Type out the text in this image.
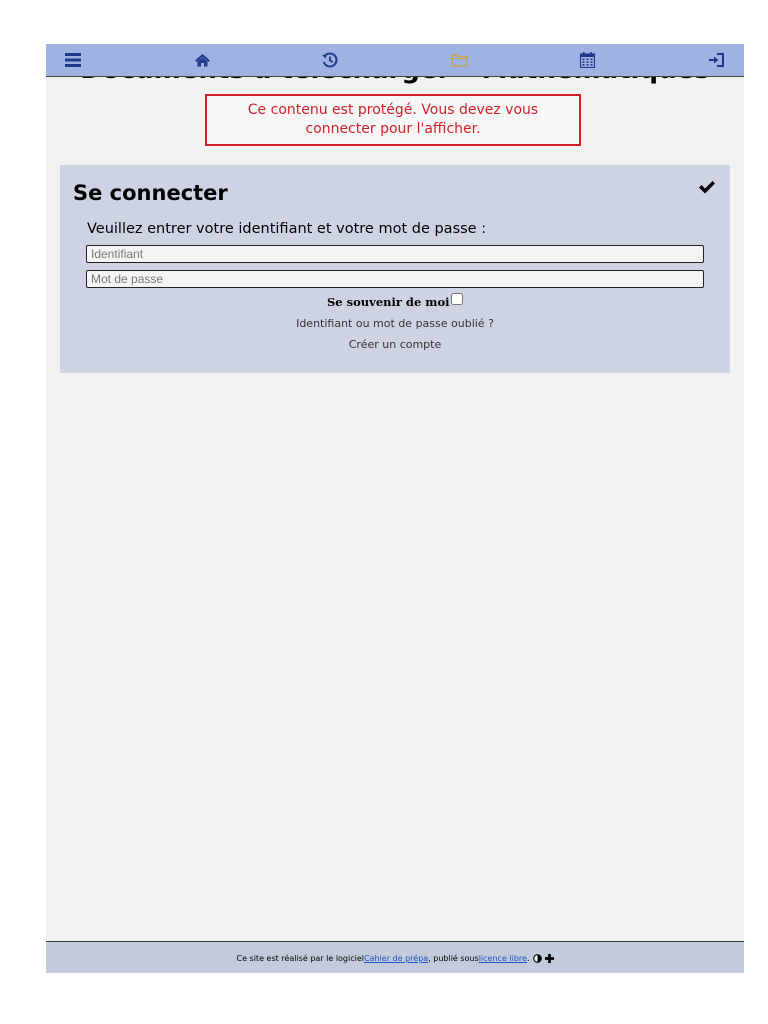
Ce contenu est protégé. Vous devez vous connecter pour l'afficher.
Se connecter
Veuillez entrer votre identifiant et votre mot de passe :
Identifiant
Se souvenir de moi
Identifiant ou mot de passe oublié ?
Créer un compte
Ce site est réalisé par le logiciel Cahier de prépa , publié sous licence libre .
